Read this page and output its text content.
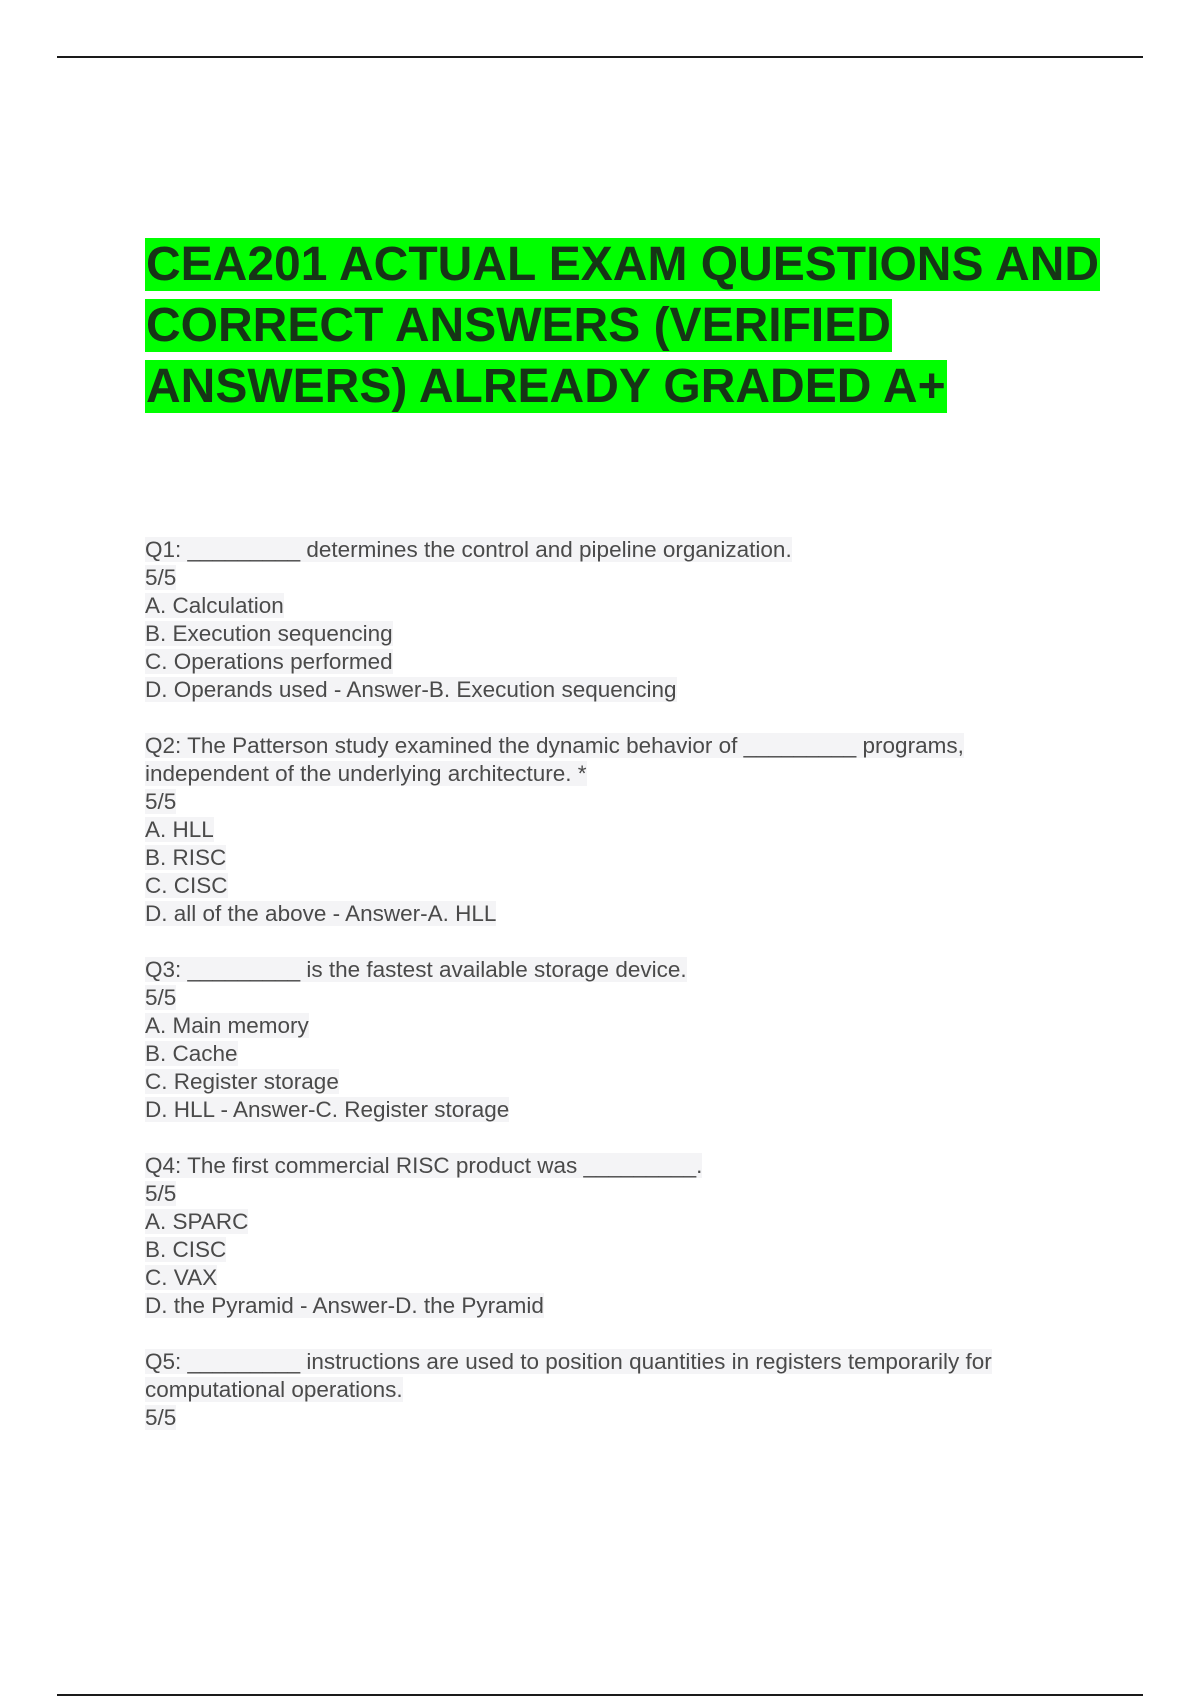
CEA201 ACTUAL EXAM QUESTIONS AND CORRECT ANSWERS (VERIFIED ANSWERS) ALREADY GRADED A+
Q1: _________ determines the control and pipeline organization.
5/5
A. Calculation
B. Execution sequencing
C. Operations performed
D. Operands used - Answer-B. Execution sequencing
Q2: The Patterson study examined the dynamic behavior of _________ programs,
independent of the underlying architecture. *
5/5
A. HLL
B. RISC
C. CISC
D. all of the above - Answer-A. HLL
Q3: _________ is the fastest available storage device.
5/5
A. Main memory
B. Cache
C. Register storage
D. HLL - Answer-C. Register storage
Q4: The first commercial RISC product was _________.
5/5
A. SPARC
B. CISC
C. VAX
D. the Pyramid - Answer-D. the Pyramid
Q5: _________ instructions are used to position quantities in registers temporarily for
computational operations.
5/5
